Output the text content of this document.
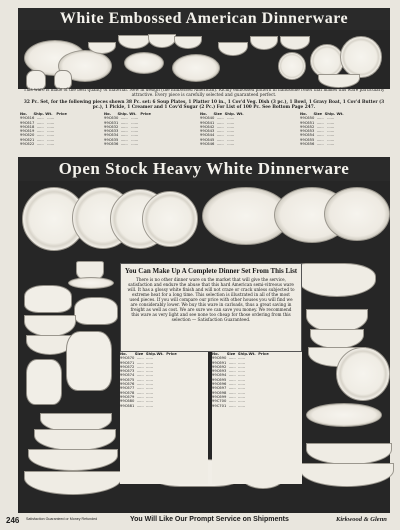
White Embossed American Dinnerware
This ware is made of the best quality of material. New in design (the Embossed American). Richly embossed pattern in handsome relief that makes this ware particularly attractive. Every piece is carefully selected and guaranteed perfect.
32 Pc. Set, for the following pieces shown 38 Pc. set: 6 Soup Plates, 1 Platter 10 in., 1 Cov'd Veg. Dish (3 pc.), 1 Bowl, 1 Gravy Boat, 1 Cov'd Butter (3 pc.), 1 Pickle, 1 Creamer and 1 Cov'd Sugar (2 Pc.) For List of 100 Pc. See Bottom Page 247.
No.     Ship. Wt.   Price
99C616  ......   ......
99C617  ......   ......
99C618  ......   ......
99C619  ......   ......
99C620  ......   ......
99C621  ......   ......
99C622  ......   ......
No.     Ship. Wt.   Price
99C630  ......   ......
99C631  ......   ......
99C632  ......   ......
99C633  ......   ......
99C634  ......   ......
99C635  ......   ......
99C636  ......   ......
No.     Size  Ship. Wt.
99C640  ......   ......
99C641  ......   ......
99C642  ......   ......
99C643  ......   ......
99C644  ......   ......
99C645  ......   ......
99C646  ......   ......
No.     Size  Ship. Wt.
99C650  ......   ......
99C651  ......   ......
99C652  ......   ......
99C653  ......   ......
99C654  ......   ......
99C655  ......   ......
99C656  ......   ......
Open Stock Heavy White Dinnerware
You Can Make Up A Complete Dinner Set From This List
There is no other dinner ware on the market that will give the service, satisfaction and endure the abuse that this hard American semi-vitreous ware will. It has a glossy white finish and will not craze or crack unless subjected to extreme heat for a long time. This selection is illustrated in all of the most used pieces. If you will compare our price with other houses you will find we are considerably lower. We buy this ware in carloads, thus a great saving in freight as well as cost. We are sure we can save you money. We recommend this ware as very light and see none too cheap for those ordering from this selection — Satisfaction Guaranteed.
No.      Size  Ship.Wt.  Price
99C670  ......  ......
99C671  ......  ......
99C672  ......  ......
99C673  ......  ......
99C674  ......  ......
99C675  ......  ......
99C676  ......  ......
99C677  ......  ......
99C678  ......  ......
99C679  ......  ......
99C680  ......  ......
99C681  ......  ......
No.      Size  Ship.Wt.  Price
99C690  ......  ......
99C691  ......  ......
99C692  ......  ......
99C693  ......  ......
99C694  ......  ......
99C695  ......  ......
99C696  ......  ......
99C697  ......  ......
99C698  ......  ......
99C699  ......  ......
99C700  ......  ......
99C701  ......  ......
246 Satisfaction Guaranteed or Money Refunded	You Will Like Our Prompt Service on Shipments	Kirkwood & Glenn
